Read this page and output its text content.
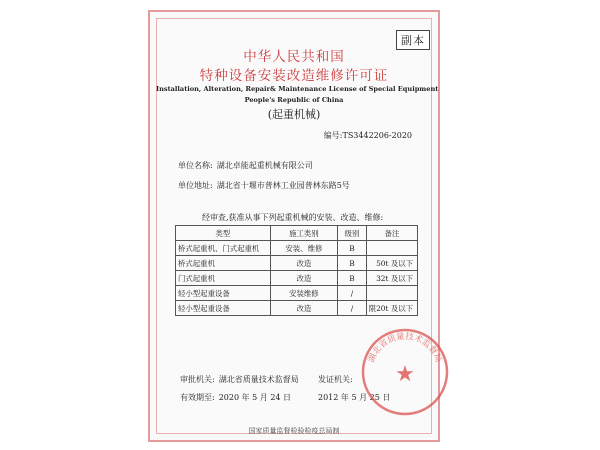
副本
中华人民共和国
特种设备安装改造维修许可证
Installation, Alteration, Repair& Maintenance License of Special Equipment
People's Republic of China
(起重机械)
编号:TS3442206-2020
单位名称: 湖北卓能起重机械有限公司
单位地址: 湖北省十堰市普林工业园普林东路5号
经审查,获准从事下列起重机械的安装、改造、维修:
类型	施工类别	级别	备注
桥式起重机、门式起重机	安装、维修	B	
桥式起重机	改造	B	50t 及以下
门式起重机	改造	B	32t 及以下
轻小型起重设备	安装维修	/	
轻小型起重设备	改造	/	限20t 及以下
审批机关: 湖北省质量技术监督局
有效期至: 2020 年 5 月 24 日
发证机关:
2012 年 5 月 25 日
湖北省质量技术监督局
★
国家质量监督检验检疫总局制
